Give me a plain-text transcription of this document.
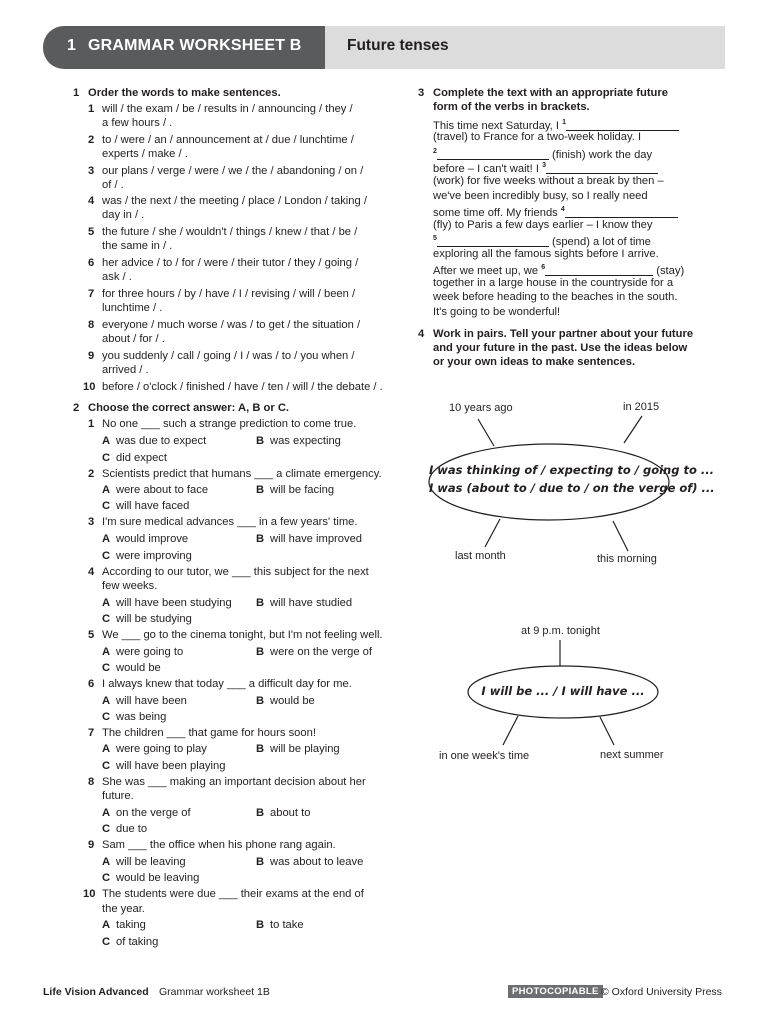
1 GRAMMAR WORKSHEET B	Future tenses
1 Order the words to make sentences.
1 will / the exam / be / results in / announcing / they /
a few hours / .
2 to / were / an / announcement at / due / lunchtime /
experts / make / .
3 our plans / verge / were / we / the / abandoning / on /
of / .
4 was / the next / the meeting / place / London / taking /
day in / .
5 the future / she / wouldn't / things / knew / that / be /
the same in / .
6 her advice / to / for / were / their tutor / they / going /
ask / .
7 for three hours / by / have / I / revising / will / been /
lunchtime / .
8 everyone / much worse / was / to get / the situation /
about / for / .
9 you suddenly / call / going / I / was / to / you when /
arrived / .
10 before / o'clock / finished / have / ten / will / the debate / .
2 Choose the correct answer: A, B or C.
1 No one ___ such a strange prediction to come true.
A was due to expect	B was expecting
C did expect
2 Scientists predict that humans ___ a climate emergency.
A were about to face	B will be facing
C will have faced
3 I'm sure medical advances ___ in a few years' time.
A would improve	B will have improved
C were improving
4 According to our tutor, we ___ this subject for the next
few weeks.
A will have been studying B will have studied
C will be studying
5 We ___ go to the cinema tonight, but I'm not feeling well.
A were going to	B were on the verge of
C would be
6 I always knew that today ___ a difficult day for me.
A will have been	B would be
C was being
7 The children ___ that game for hours soon!
A were going to play	B will be playing
C will have been playing
8 She was ___ making an important decision about her
future.
A on the verge of	B about to
C due to
9 Sam ___ the office when his phone rang again.
A will be leaving	B was about to leave
C would be leaving
10 The students were due ___ their exams at the end of
the year.
A taking	B to take
C of taking
3 Complete the text with an appropriate future
form of the verbs in brackets.
This time next Saturday, I $^1$
(travel) to France for a two-week holiday. I
$^2$	(finish) work the day
before – I can't wait! I $^3$
(work) for five weeks without a break by then –
we've been incredibly busy, so I really need
some time off. My friends $^4$
(fly) to Paris a few days earlier – I know they
$^5$	(spend) a lot of time
exploring all the famous sights before I arrive.
After we meet up, we $^6$	(stay)
together in a large house in the countryside for a
week before heading to the beaches in the south.
It's going to be wonderful!
4 Work in pairs. Tell your partner about your future
and your future in the past. Use the ideas below
or your own ideas to make sentences.
I was thinking of / expecting to / going to ...
I was (about to / due to / on the verge of) ...
10 years ago	in 2015
last month	this morning
I will be ... / I will have ...
at 9 p.m. tonight
in one week's time	next summer
Life Vision Advanced Grammar worksheet 1B	PHOTOCOPIABLE © Oxford University Press
